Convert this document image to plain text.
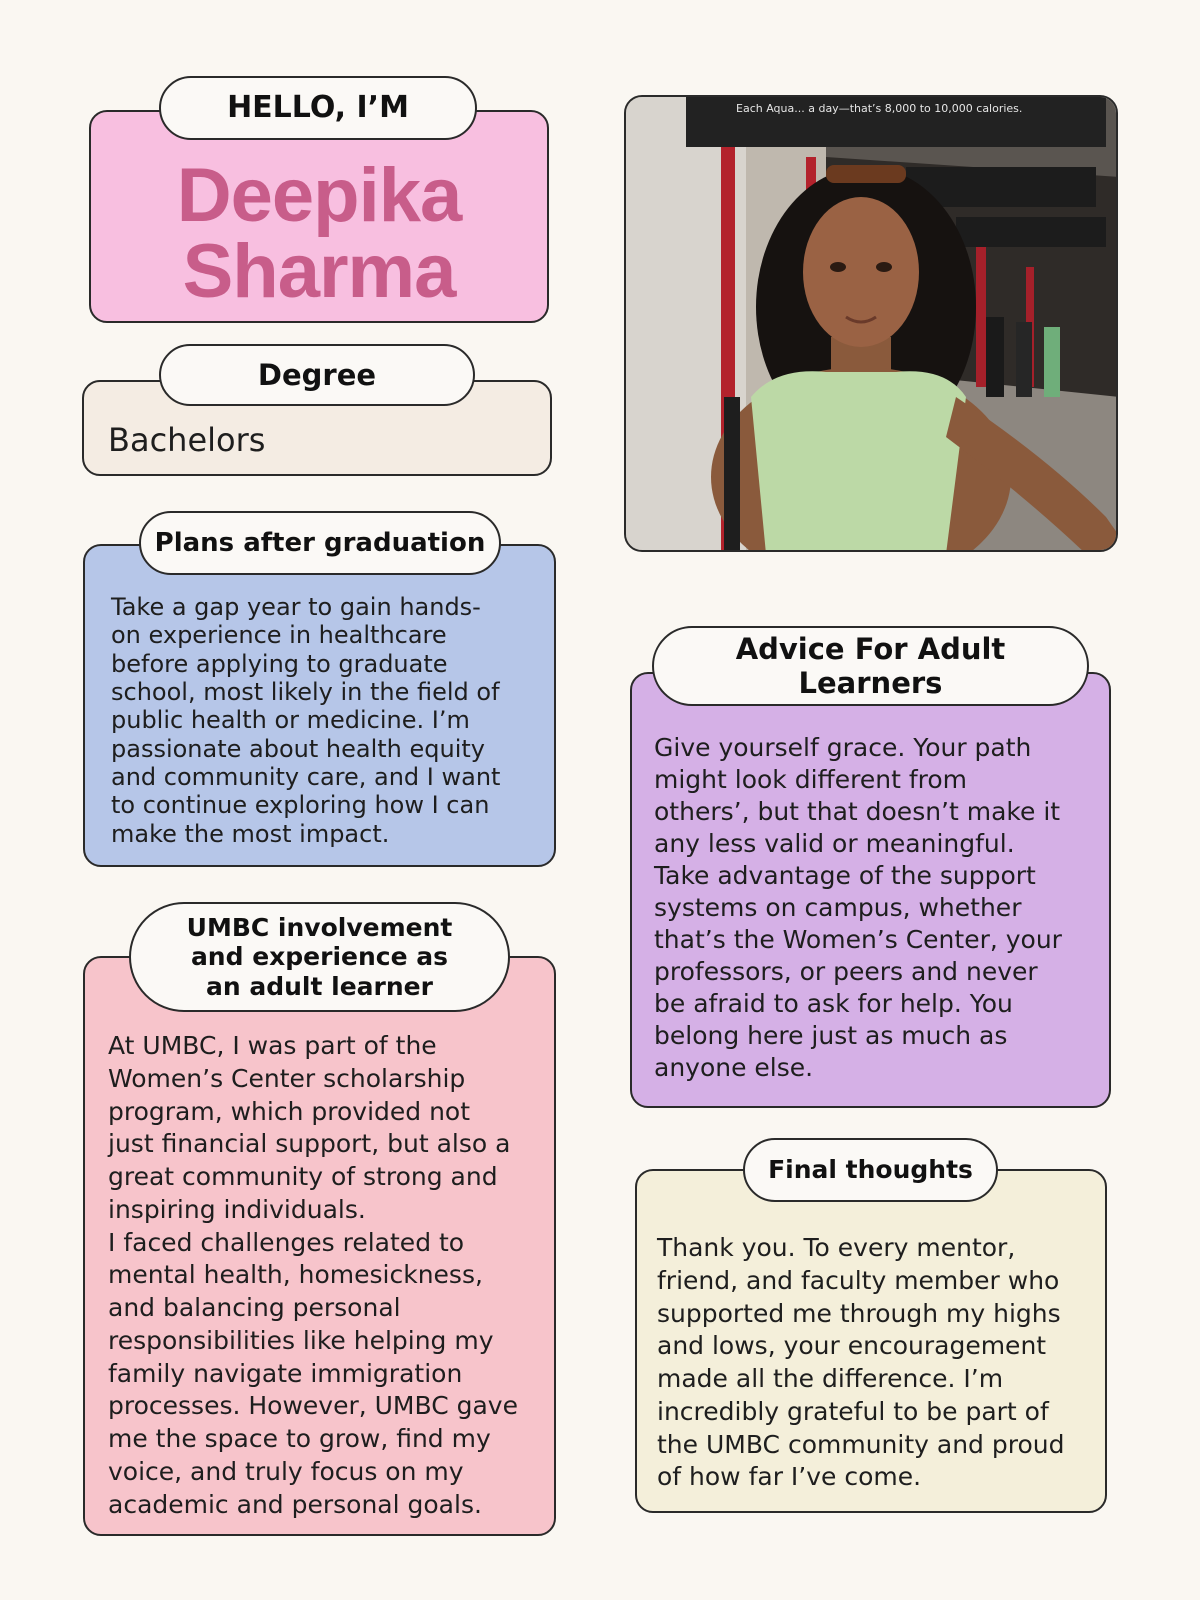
HELLO, I’M
Deepika
Sharma
Degree
Bachelors
Plans after graduation
Take a gap year to gain hands-
on experience in healthcare
before applying to graduate
school, most likely in the field of
public health or medicine. I’m
passionate about health equity
and community care, and I want
to continue exploring how I can
make the most impact.
UMBC involvement
and experience as
an adult learner
At UMBC, I was part of the
Women’s Center scholarship
program, which provided not
just financial support, but also a
great community of strong and
inspiring individuals.
I faced challenges related to
mental health, homesickness,
and balancing personal
responsibilities like helping my
family navigate immigration
processes. However, UMBC gave
me the space to grow, find my
voice, and truly focus on my
academic and personal goals.
Each Aqua... a day—that’s 8,000 to 10,000 calories.
Advice For Adult
Learners
Give yourself grace. Your path
might look different from
others’, but that doesn’t make it
any less valid or meaningful.
Take advantage of the support
systems on campus, whether
that’s the Women’s Center, your
professors, or peers and never
be afraid to ask for help. You
belong here just as much as
anyone else.
Final thoughts
Thank you. To every mentor,
friend, and faculty member who
supported me through my highs
and lows, your encouragement
made all the difference. I’m
incredibly grateful to be part of
the UMBC community and proud
of how far I’ve come.
